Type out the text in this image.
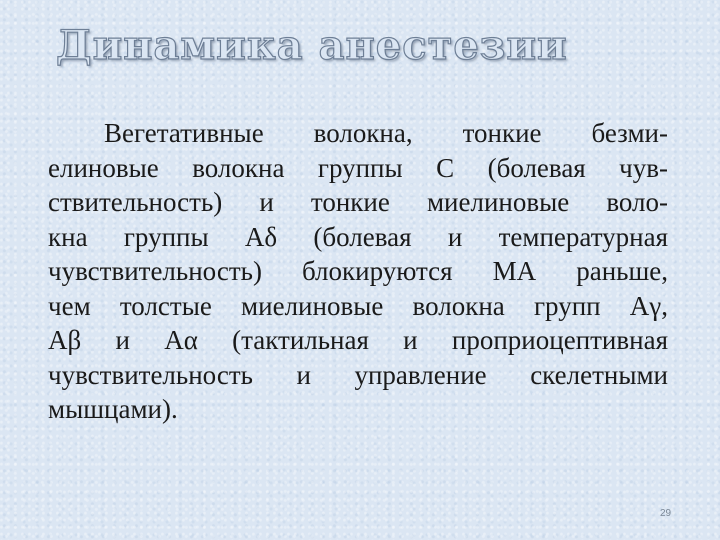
Динамика анестезии
Вегетативные волокна, тонкие безми-
елиновые волокна группы С (болевая чув-
ствительность) и тонкие миелиновые воло-
кна группы Aδ (болевая и температурная
чувствительность) блокируются МА раньше,
чем толстые миелиновые волокна групп Aγ,
Aβ и Aα (тактильная и проприоцептивная
чувствительность и управление скелетными
мышцами).
29
